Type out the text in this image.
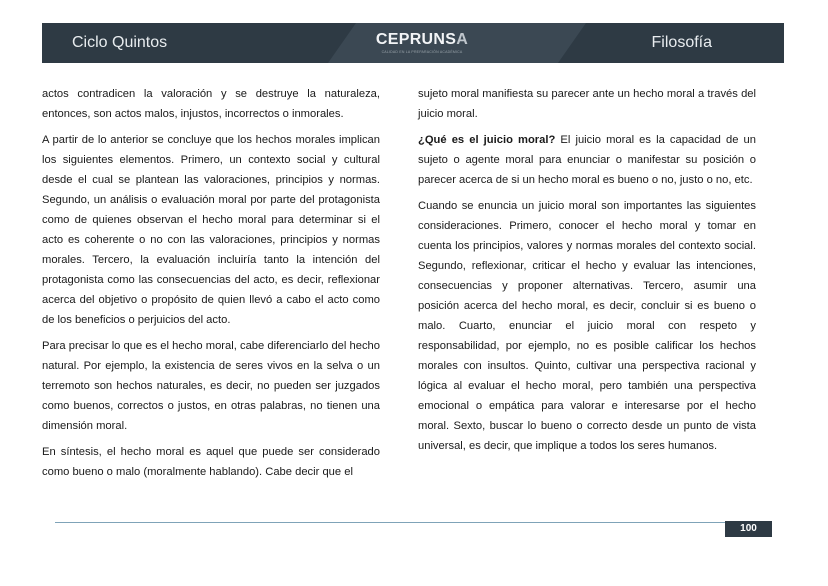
Ciclo Quintos	CEPRUNSA
CALIDAD EN LA PREPARACIÓN ACADÉMICA
Filosofía

actos contradicen la valoración y se destruye la naturaleza, entonces, son actos malos, injustos, incorrectos o inmorales.

A partir de lo anterior se concluye que los hechos morales implican los siguientes elementos. Primero, un contexto social y cultural desde el cual se plantean las valoraciones, principios y normas. Segundo, un análisis o evaluación moral por parte del protagonista como de quienes observan el hecho moral para determinar si el acto es coherente o no con las valoraciones, principios y normas morales. Tercero, la evaluación incluiría tanto la intención del protagonista como las consecuencias del acto, es decir, reflexionar acerca del objetivo o propósito de quien llevó a cabo el acto como de los beneficios o perjuicios del acto.

Para precisar lo que es el hecho moral, cabe diferenciarlo del hecho natural. Por ejemplo, la existencia de seres vivos en la selva o un terremoto son hechos naturales, es decir, no pueden ser juzgados como buenos, correctos o justos, en otras palabras, no tienen una dimensión moral.

En síntesis, el hecho moral es aquel que puede ser considerado como bueno o malo (moralmente hablando). Cabe decir que el

sujeto moral manifiesta su parecer ante un hecho moral a través del juicio moral.

¿Qué es el juicio moral? El juicio moral es la capacidad de un sujeto o agente moral para enunciar o manifestar su posición o parecer acerca de si un hecho moral es bueno o no, justo o no, etc.

Cuando se enuncia un juicio moral son importantes las siguientes consideraciones. Primero, conocer el hecho moral y tomar en cuenta los principios, valores y normas morales del contexto social. Segundo, reflexionar, criticar el hecho y evaluar las intenciones, consecuencias y proponer alternativas. Tercero, asumir una posición acerca del hecho moral, es decir, concluir si es bueno o malo. Cuarto, enunciar el juicio moral con respeto y responsabilidad, por ejemplo, no es posible calificar los hechos morales con insultos. Quinto, cultivar una perspectiva racional y lógica al evaluar el hecho moral, pero también una perspectiva emocional o empática para valorar e interesarse por el hecho moral. Sexto, buscar lo bueno o correcto desde un punto de vista universal, es decir, que implique a todos los seres humanos.

100
